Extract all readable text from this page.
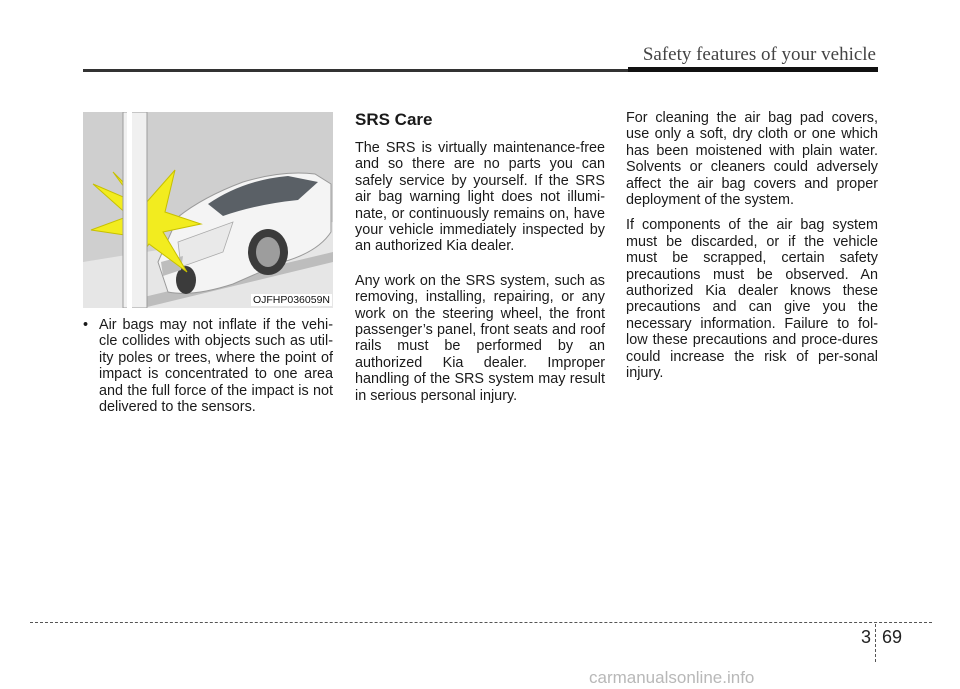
Safety features of your vehicle
OJFHP036059N
• Air bags may not inflate if the vehi-cle collides with objects such as util-ity poles or trees, where the point of impact is concentrated to one area and the full force of the impact is not delivered to the sensors.
SRS Care

The SRS is virtually maintenance-free and so there are no parts you can safely service by yourself. If the SRS air bag warning light does not illumi-nate, or continuously remains on, have your vehicle immediately inspected by an authorized Kia dealer.

Any work on the SRS system, such as removing, installing, repairing, or any work on the steering wheel, the front passenger’s panel, front seats and roof rails must be performed by an authorized Kia dealer. Improper handling of the SRS system may result in serious personal injury.

For cleaning the air bag pad covers, use only a soft, dry cloth or one which has been moistened with plain water. Solvents or cleaners could adversely affect the air bag covers and proper deployment of the system.

If components of the air bag system must be discarded, or if the vehicle must be scrapped, certain safety precautions must be observed. An authorized Kia dealer knows these precautions and can give you the necessary information. Failure to fol-low these precautions and proce-dures could increase the risk of per-sonal injury.

3 69
carmanualsonline.info
